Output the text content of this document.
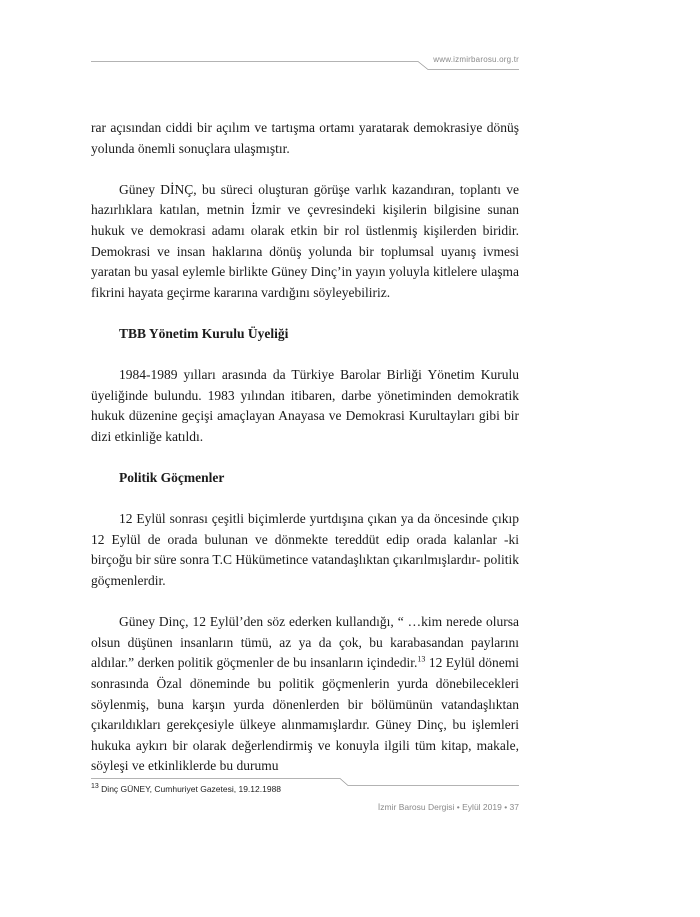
www.izmirbarosu.org.tr

rar açısından ciddi bir açılım ve tartışma ortamı yaratarak demokrasiye dönüş yolunda önemli sonuçlara ulaşmıştır.

Güney DİNÇ, bu süreci oluşturan görüşe varlık kazandıran, toplantı ve hazırlıklara katılan, metnin İzmir ve çevresindeki kişilerin bilgisine sunan hukuk ve demokrasi adamı olarak etkin bir rol üstlenmiş kişilerden biridir. Demokrasi ve insan haklarına dönüş yolunda bir toplumsal uyanış ivmesi yaratan bu yasal eylemle birlikte Güney Dinç’in yayın yoluyla kitlelere ulaşma fikrini hayata geçirme kararına vardığını söyleyebiliriz.

TBB Yönetim Kurulu Üyeliği

1984-1989 yılları arasında da Türkiye Barolar Birliği Yönetim Kurulu üyeliğinde bulundu. 1983 yılından itibaren, darbe yönetiminden demokratik hukuk düzenine geçişi amaçlayan Anayasa ve Demokrasi Kurultayları gibi bir dizi etkinliğe katıldı.

Politik Göçmenler

12 Eylül sonrası çeşitli biçimlerde yurtdışına çıkan ya da öncesinde çıkıp 12 Eylül de orada bulunan ve dönmekte tereddüt edip orada kalanlar -ki birçoğu bir süre sonra T.C Hükümetince vatandaşlıktan çıkarılmışlardır- politik göçmenlerdir.

Güney Dinç, 12 Eylül’den söz ederken kullandığı, “ …kim nerede olursa olsun düşünen insanların tümü, az ya da çok, bu karabasandan paylarını aldılar.” derken politik göçmenler de bu insanların içindedir.$^{13}$ 12 Eylül dönemi sonrasında Özal döneminde bu politik göçmenlerin yurda dönebilecekleri söylenmiş, buna karşın yurda dönenlerden bir bölümünün vatandaşlıktan çıkarıldıkları gerekçesiyle ülkeye alınmamışlardır. Güney Dinç, bu işlemleri hukuka aykırı bir olarak değerlendirmiş ve konuyla ilgili tüm kitap, makale, söyleşi ve etkinliklerde bu durumu

$^{13}$ Dinç GÜNEY, Cumhuriyet Gazetesi, 19.12.1988
İzmir Barosu Dergisi • Eylül 2019 • 37
